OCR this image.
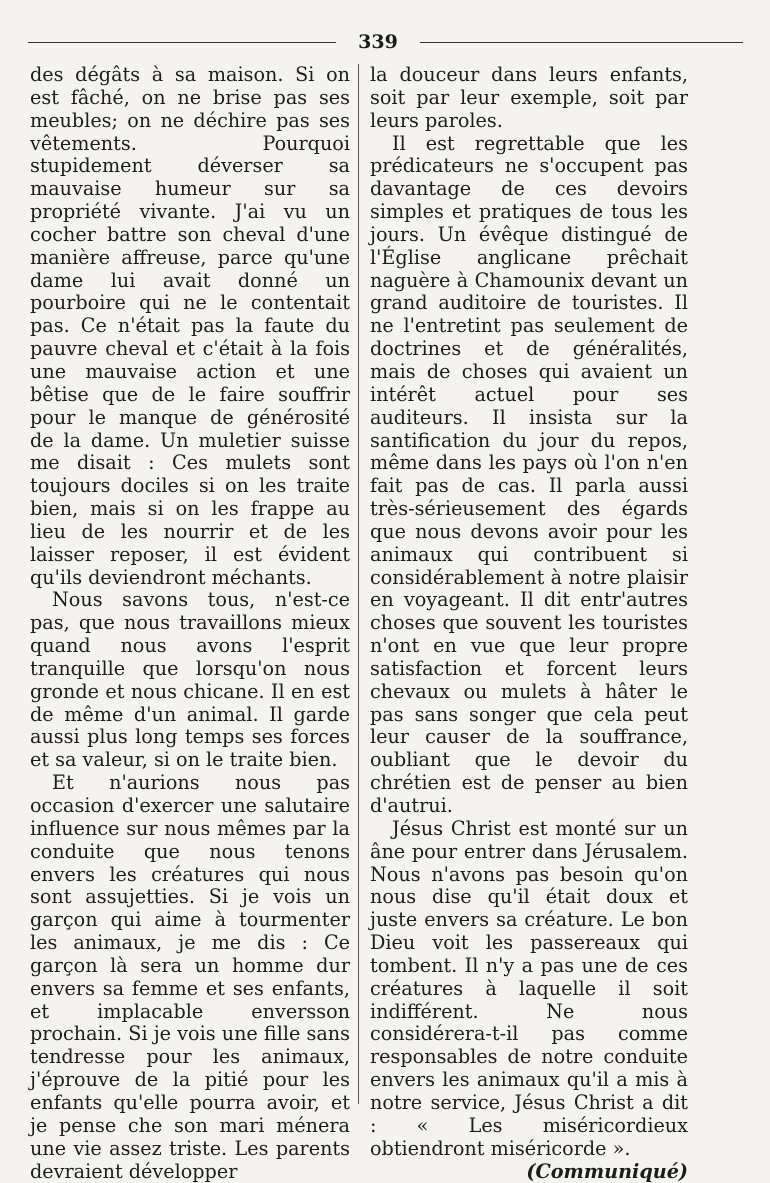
339

des dégâts à sa maison. Si on est fâché, on ne brise pas ses meubles; on ne déchire pas ses vêtements. Pourquoi stupidement déverser sa mauvaise humeur sur sa propriété vivante. J'ai vu un cocher battre son cheval d'une manière affreuse, parce qu'une dame lui avait donné un pourboire qui ne le contentait pas. Ce n'était pas la faute du pauvre cheval et c'était à la fois une mauvaise action et une bêtise que de le faire souffrir pour le manque de générosité de la dame. Un muletier suisse me disait : Ces mulets sont toujours dociles si on les traite bien, mais si on les frappe au lieu de les nourrir et de les laisser reposer, il est évident qu'ils deviendront méchants.

Nous savons tous, n'est-ce pas, que nous travaillons mieux quand nous avons l'esprit tranquille que lorsqu'on nous gronde et nous chicane. Il en est de même d'un animal. Il garde aussi plus long temps ses forces et sa valeur, si on le traite bien.

Et n'aurions nous pas occasion d'exercer une salutaire influence sur nous mêmes par la conduite que nous tenons envers les créatures qui nous sont assujetties. Si je vois un garçon qui aime à tourmenter les animaux, je me dis : Ce garçon là sera un homme dur envers sa femme et ses enfants, et implacable enversson prochain. Si je vois une fille sans tendresse pour les animaux, j'éprouve de la pitié pour les enfants qu'elle pourra avoir, et je pense che son mari ménera une vie assez triste. Les parents devraient développer

la douceur dans leurs enfants, soit par leur exemple, soit par leurs paroles.

Il est regrettable que les prédicateurs ne s'occupent pas davantage de ces devoirs simples et pratiques de tous les jours. Un évêque distingué de l'Église anglicane prêchait naguère à Chamounix devant un grand auditoire de touristes. Il ne l'entretint pas seulement de doctrines et de généralités, mais de choses qui avaient un intérêt actuel pour ses auditeurs. Il insista sur la santification du jour du repos, même dans les pays où l'on n'en fait pas de cas. Il parla aussi très-sérieusement des égards que nous devons avoir pour les animaux qui contribuent si considérablement à notre plaisir en voyageant. Il dit entr'autres choses que souvent les touristes n'ont en vue que leur propre satisfaction et forcent leurs chevaux ou mulets à hâter le pas sans songer que cela peut leur causer de la souffrance, oubliant que le devoir du chrétien est de penser au bien d'autrui.

Jésus Christ est monté sur un âne pour entrer dans Jérusalem. Nous n'avons pas besoin qu'on nous dise qu'il était doux et juste envers sa créature. Le bon Dieu voit les passereaux qui tombent. Il n'y a pas une de ces créatures à laquelle il soit indifférent. Ne nous considérera-t-il pas comme responsables de notre conduite envers les animaux qu'il a mis à notre service, Jésus Christ a dit : « Les miséricordieux obtiendront miséricorde ».
(Communiqué)
